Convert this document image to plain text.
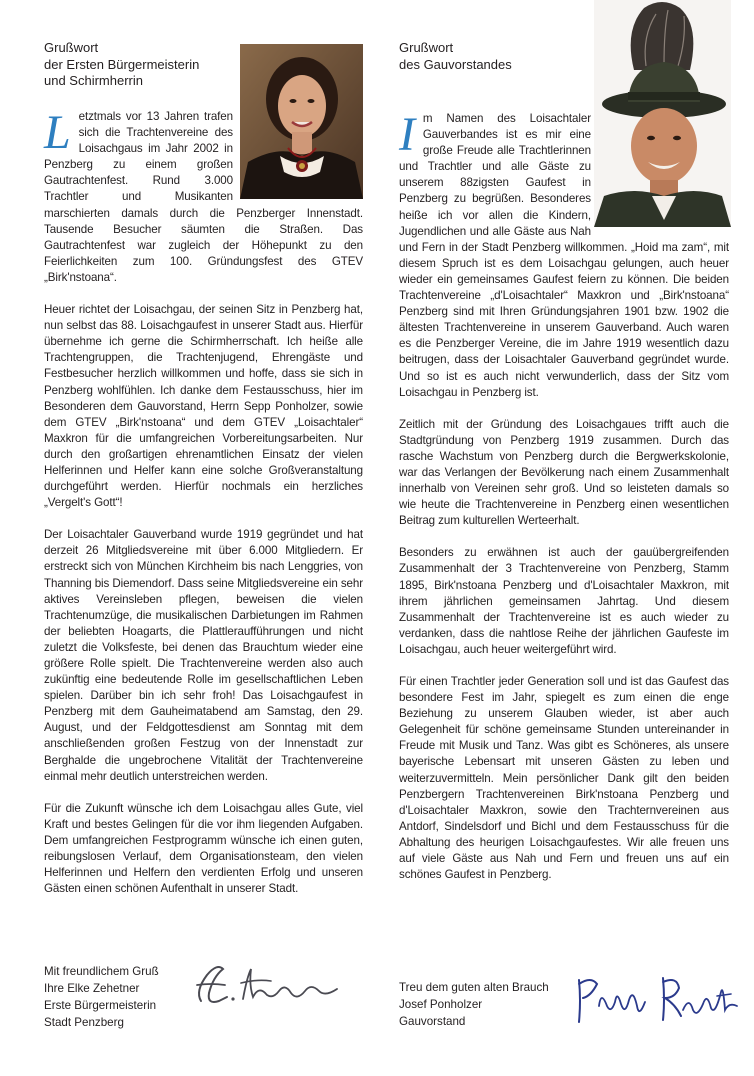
Grußwort
der Ersten Bürgermeisterin
und Schirmherrin

Letztmals vor 13 Jahren trafen sich die Trachtenvereine des Loisachgaus im Jahr 2002 in Penzberg zu einem großen Gautrachtenfest. Rund 3.000 Trachtler und Musikanten marschierten damals durch die Penzberger Innenstadt. Tausende Besucher säumten die Straßen. Das Gautrachtenfest war zugleich der Höhepunkt zu den Feierlichkeiten zum 100. Gründungsfest des GTEV „Birk'nstoana“.

Heuer richtet der Loisachgau, der seinen Sitz in Penzberg hat, nun selbst das 88. Loisachgaufest in unserer Stadt aus. Hierfür übernehme ich gerne die Schirmherrschaft. Ich heiße alle Trachtengruppen, die Trachtenjugend, Ehrengäste und Festbesucher herzlich willkommen und hoffe, dass sie sich in Penzberg wohlfühlen. Ich danke dem Festausschuss, hier im Besonderen dem Gauvorstand, Herrn Sepp Ponholzer, sowie dem GTEV „Birk'nstoana“ und dem GTEV „Loisachtaler“ Maxkron für die umfangreichen Vorbereitungsarbeiten. Nur durch den großartigen ehrenamtlichen Einsatz der vielen Helferinnen und Helfer kann eine solche Großveranstaltung durchgeführt werden. Hierfür nochmals ein herzliches „Vergelt's Gott“!

Der Loisachtaler Gauverband wurde 1919 gegründet und hat derzeit 26 Mitgliedsvereine mit über 6.000 Mitgliedern. Er erstreckt sich von München Kirchheim bis nach Lenggries, von Thanning bis Diemendorf. Dass seine Mitgliedsvereine ein sehr aktives Vereinsleben pflegen, beweisen die vielen Trachtenumzüge, die musikalischen Darbietungen im Rahmen der beliebten Hoagarts, die Plattleraufführungen und nicht zuletzt die Volksfeste, bei denen das Brauchtum wieder eine größere Rolle spielt. Die Trachtenvereine werden also auch zukünftig eine bedeutende Rolle im gesellschaftlichen Leben spielen. Darüber bin ich sehr froh! Das Loisachgaufest in Penzberg mit dem Gauheimatabend am Samstag, den 29. August, und der Feldgottesdienst am Sonntag mit dem anschließenden großen Festzug von der Innenstadt zur Berghalde die ungebrochene Vitalität der Trachtenvereine einmal mehr deutlich unterstreichen werden.

Für die Zukunft wünsche ich dem Loisachgau alles Gute, viel Kraft und bestes Gelingen für die vor ihm liegenden Aufgaben. Dem umfangreichen Festprogramm wünsche ich einen guten, reibungslosen Verlauf, dem Organisationsteam, den vielen Helferinnen und Helfern den verdienten Erfolg und unseren Gästen einen schönen Aufenthalt in unserer Stadt.

Mit freundlichem Gruß
Ihre Elke Zehetner
Erste Bürgermeisterin
Stadt Penzberg
Grußwort
des Gauvorstandes

Im Namen des Loisachtaler Gauverbandes ist es mir eine große Freude alle Trachtlerinnen und Trachtler und alle Gäste zu unserem 88zigsten Gaufest in Penzberg zu begrüßen. Besonderes heiße ich vor allen die Kindern, Jugendlichen und alle Gäste aus Nah und Fern in der Stadt Penzberg willkommen. „Hoid ma zam“, mit diesem Spruch ist es dem Loisachgau gelungen, auch heuer wieder ein gemeinsames Gaufest feiern zu können. Die beiden Trachtenvereine „d'Loisachtaler“ Maxkron und „Birk'nstoana“ Penzberg sind mit Ihren Gründungsjahren 1901 bzw. 1902 die ältesten Trachtenvereine in unserem Gauverband. Auch waren es die Penzberger Vereine, die im Jahre 1919 wesentlich dazu beitrugen, dass der Loisachtaler Gauverband gegründet wurde. Und so ist es auch nicht verwunderlich, dass der Sitz vom Loisachgau in Penzberg ist.

Zeitlich mit der Gründung des Loisachgaues trifft auch die Stadtgründung von Penzberg 1919 zusammen. Durch das rasche Wachstum von Penzberg durch die Bergwerkskolonie, war das Verlangen der Bevölkerung nach einem Zusammenhalt innerhalb von Vereinen sehr groß. Und so leisteten damals so wie heute die Trachtenvereine in Penzberg einen wesentlichen Beitrag zum kulturellen Werteerhalt.

Besonders zu erwähnen ist auch der gauübergreifenden Zusammenhalt der 3 Trachtenvereine von Penzberg, Stamm 1895, Birk'nstoana Penzberg und d'Loisachtaler Maxkron, mit ihrem jährlichen gemeinsamen Jahrtag. Und diesem Zusammenhalt der Trachtenvereine ist es auch wieder zu verdanken, dass die nahtlose Reihe der jährlichen Gaufeste im Loisachgau, auch heuer weitergeführt wird.

Für einen Trachtler jeder Generation soll und ist das Gaufest das besondere Fest im Jahr, spiegelt es zum einen die enge Beziehung zu unserem Glauben wieder, ist aber auch Gelegenheit für schöne gemeinsame Stunden untereinander in Freude mit Musik und Tanz. Was gibt es Schöneres, als unsere bayerische Lebensart mit unseren Gästen zu leben und weiterzuvermitteln. Mein persönlicher Dank gilt den beiden Penzbergern Trachtenvereinen Birk'nstoana Penzberg und d'Loisachtaler Maxkron, sowie den Trachternvereinen aus Antdorf, Sindelsdorf und Bichl und dem Festausschuss für die Abhaltung des heurigen Loisachgaufestes. Wir alle freuen uns auf viele Gäste aus Nah und Fern und freuen uns auf ein schönes Gaufest in Penzberg.

Treu dem guten alten Brauch
Josef Ponholzer
Gauvorstand
